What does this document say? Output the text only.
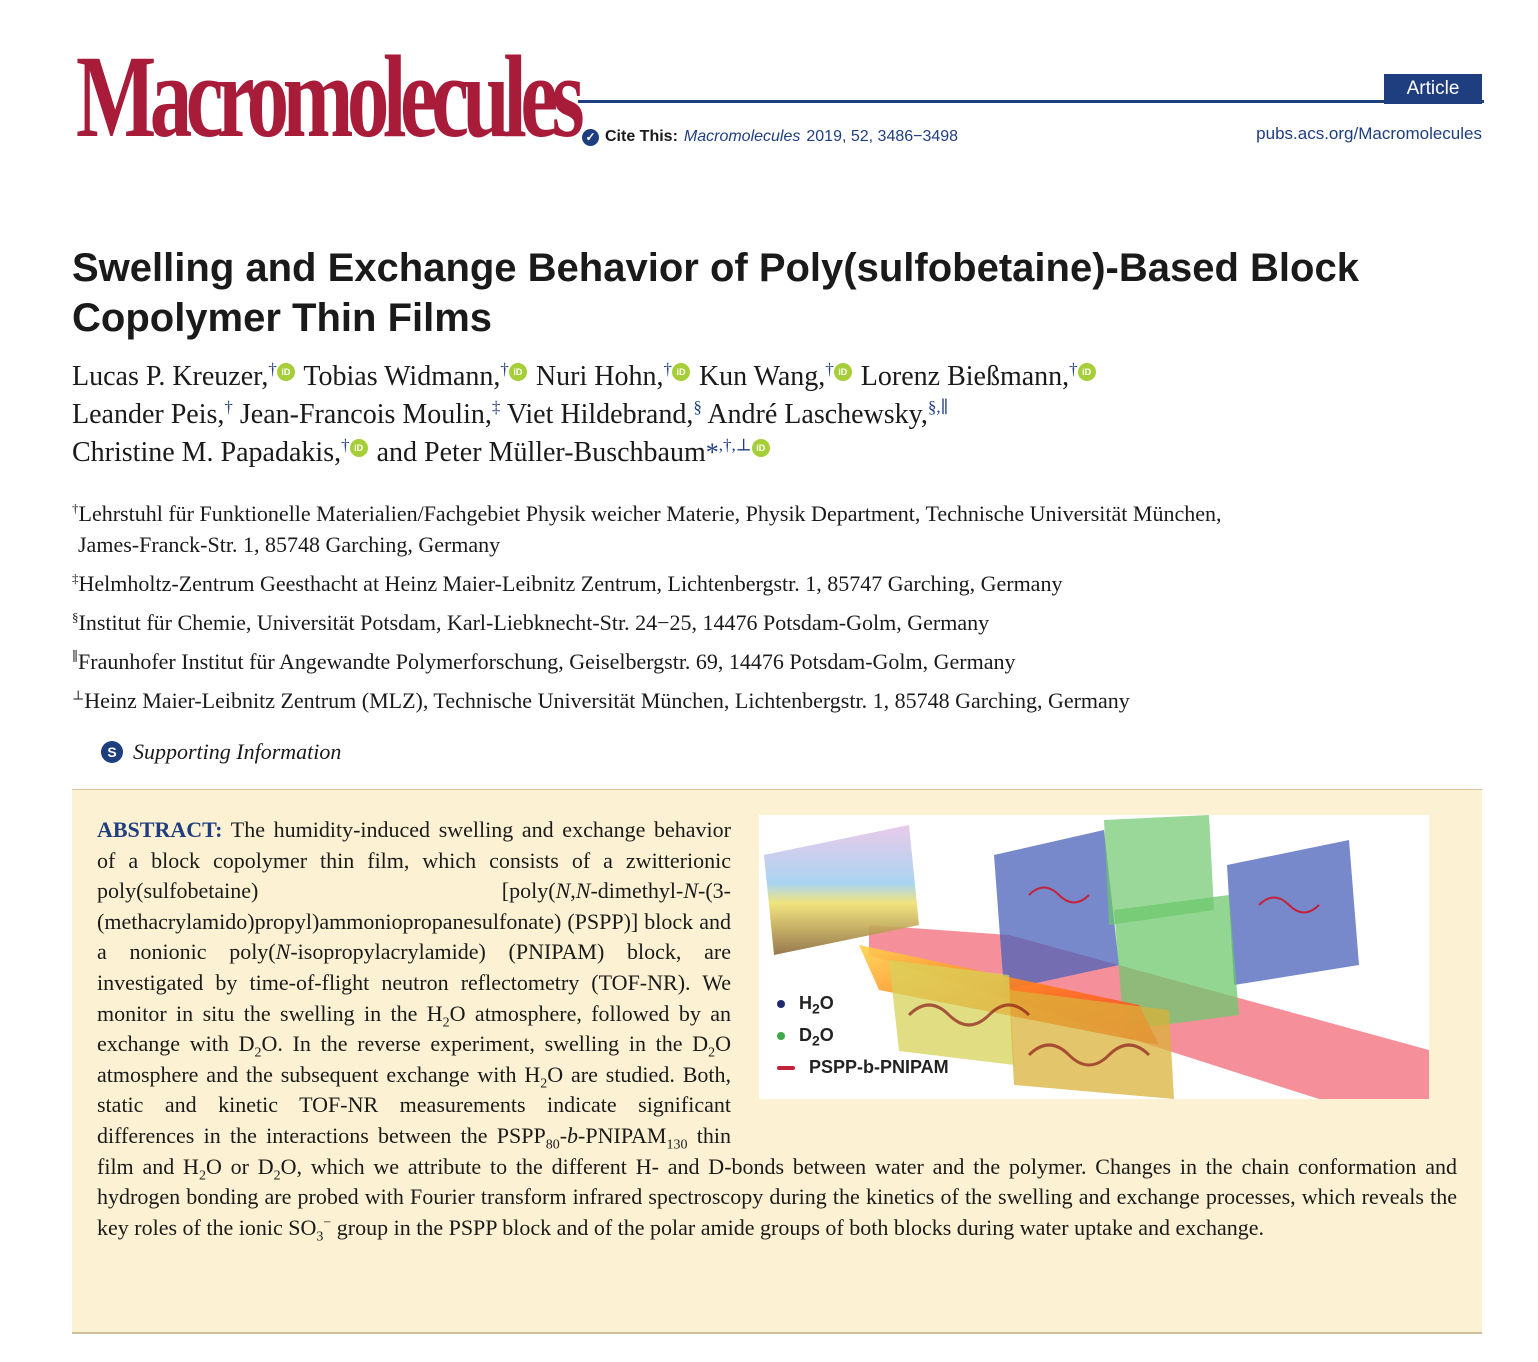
Macromolecules	Article
✓ Cite This: Macromolecules 2019, 52, 3486−3498	pubs.acs.org/Macromolecules
Swelling and Exchange Behavior of Poly(sulfobetaine)-Based Block Copolymer Thin Films
Lucas P. Kreuzer,† iD Tobias Widmann,† iD Nuri Hohn,† iD Kun Wang,† iD Lorenz Bießmann,† iD
Leander Peis,† Jean-Francois Moulin,‡ Viet Hildebrand,§ André Laschewsky,§,∥
Christine M. Papadakis,† iD and Peter Müller-Buschbaum*,†,⊥ iD
†Lehrstuhl für Funktionelle Materialien/Fachgebiet Physik weicher Materie, Physik Department, Technische Universität München,
James-Franck-Str. 1, 85748 Garching, Germany
‡Helmholtz-Zentrum Geesthacht at Heinz Maier-Leibnitz Zentrum, Lichtenbergstr. 1, 85747 Garching, Germany
§Institut für Chemie, Universität Potsdam, Karl-Liebknecht-Str. 24−25, 14476 Potsdam-Golm, Germany
∥Fraunhofer Institut für Angewandte Polymerforschung, Geiselbergstr. 69, 14476 Potsdam-Golm, Germany
⊥Heinz Maier-Leibnitz Zentrum (MLZ), Technische Universität München, Lichtenbergstr. 1, 85748 Garching, Germany
S Supporting Information
$H_2O$
$D_2O$
PSPP-b-PNIPAM
ABSTRACT: The humidity-induced swelling and exchange behavior of a block copolymer thin film, which consists of a zwitterionic poly(sulfobetaine) [poly(N,N-dimethyl-N-(3-(methacrylamido)propyl)ammoniopropanesulfonate) (PSPP)] block and a nonionic poly(N-isopropylacrylamide) (PNIPAM) block, are investigated by time-of-flight neutron reflectometry (TOF-NR). We monitor in situ the swelling in the $H_2O$ atmosphere, followed by an exchange with $D_2O$. In the reverse experiment, swelling in the $D_2O$ atmosphere and the subsequent exchange with $H_2O$ are studied. Both, static and kinetic TOF-NR measurements indicate significant differences in the interactions between the $PSPP_{80}-b-PNIPAM_{130}$ thin film and $H_2O$ or $D_2O$, which we attribute to the different H- and D-bonds between water and the polymer. Changes in the chain conformation and hydrogen bonding are probed with Fourier transform infrared spectroscopy during the kinetics of the swelling and exchange processes, which reveals the key roles of the ionic $SO_3^-$ group in the PSPP block and of the polar amide groups of both blocks during water uptake and exchange.
